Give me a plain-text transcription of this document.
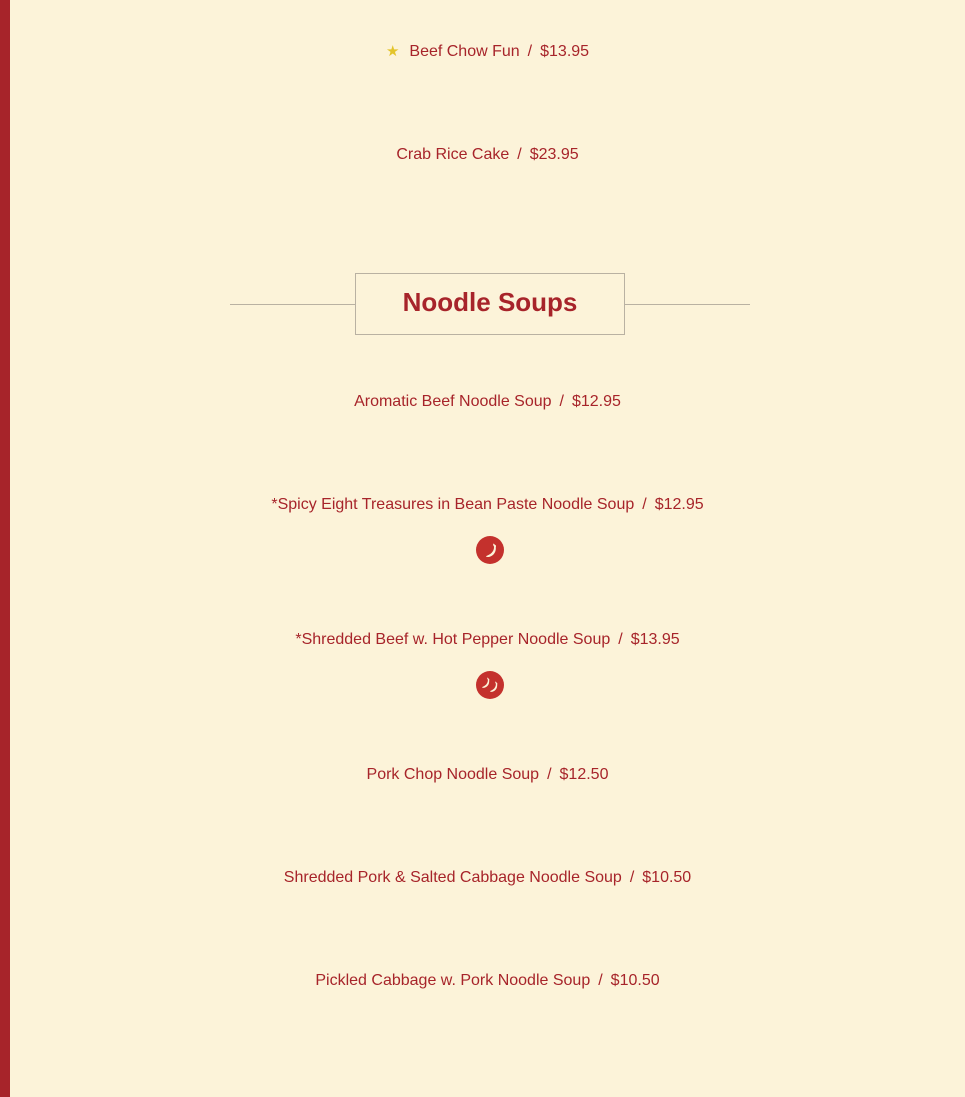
★ Beef Chow Fun / $13.95
Crab Rice Cake / $23.95
Noodle Soups
Aromatic Beef Noodle Soup / $12.95
*Spicy Eight Treasures in Bean Paste Noodle Soup / $12.95
*Shredded Beef w. Hot Pepper Noodle Soup / $13.95
Pork Chop Noodle Soup / $12.50
Shredded Pork & Salted Cabbage Noodle Soup / $10.50
Pickled Cabbage w. Pork Noodle Soup / $10.50
